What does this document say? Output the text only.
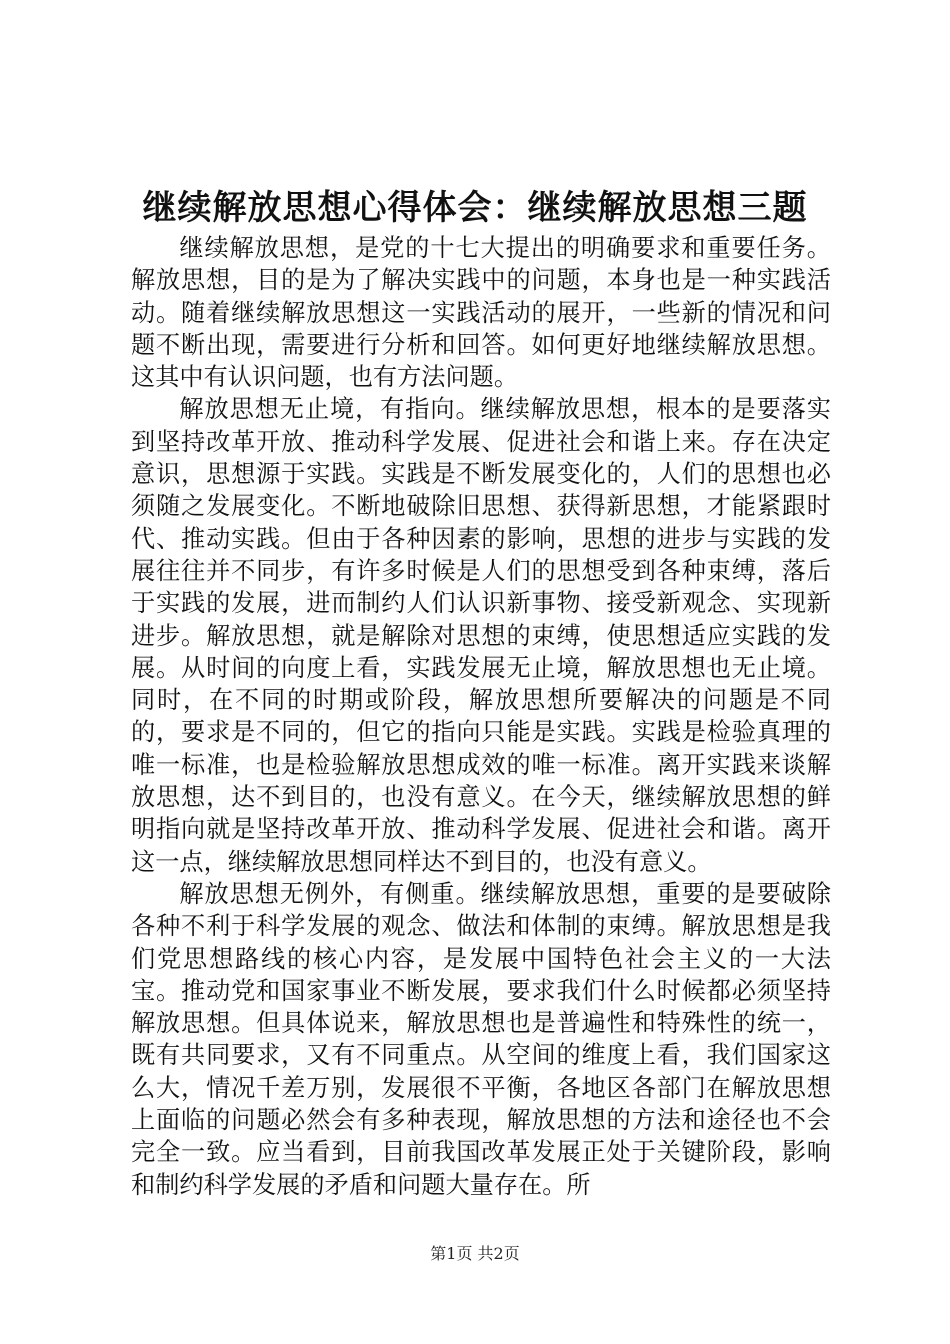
继续解放思想心得体会：继续解放思想三题

继续解放思想，是党的十七大提出的明确要求和重要任务。解放思想，目的是为了解决实践中的问题，本身也是一种实践活动。随着继续解放思想这一实践活动的展开，一些新的情况和问题不断出现，需要进行分析和回答。如何更好地继续解放思想。这其中有认识问题，也有方法问题。

解放思想无止境，有指向。继续解放思想，根本的是要落实到坚持改革开放、推动科学发展、促进社会和谐上来。存在决定意识，思想源于实践。实践是不断发展变化的，人们的思想也必须随之发展变化。不断地破除旧思想、获得新思想，才能紧跟时代、推动实践。但由于各种因素的影响，思想的进步与实践的发展往往并不同步，有许多时候是人们的思想受到各种束缚，落后于实践的发展，进而制约人们认识新事物、接受新观念、实现新进步。解放思想，就是解除对思想的束缚，使思想适应实践的发展。从时间的向度上看，实践发展无止境，解放思想也无止境。同时，在不同的时期或阶段，解放思想所要解决的问题是不同的，要求是不同的，但它的指向只能是实践。实践是检验真理的唯一标准，也是检验解放思想成效的唯一标准。离开实践来谈解放思想，达不到目的，也没有意义。在今天，继续解放思想的鲜明指向就是坚持改革开放、推动科学发展、促进社会和谐。离开这一点，继续解放思想同样达不到目的，也没有意义。

解放思想无例外，有侧重。继续解放思想，重要的是要破除各种不利于科学发展的观念、做法和体制的束缚。解放思想是我们党思想路线的核心内容，是发展中国特色社会主义的一大法宝。推动党和国家事业不断发展，要求我们什么时候都必须坚持解放思想。但具体说来，解放思想也是普遍性和特殊性的统一，既有共同要求，又有不同重点。从空间的维度上看，我们国家这么大，情况千差万别，发展很不平衡，各地区各部门在解放思想上面临的问题必然会有多种表现，解放思想的方法和途径也不会完全一致。应当看到，目前我国改革发展正处于关键阶段，影响和制约科学发展的矛盾和问题大量存在。所

第1页 共2页
